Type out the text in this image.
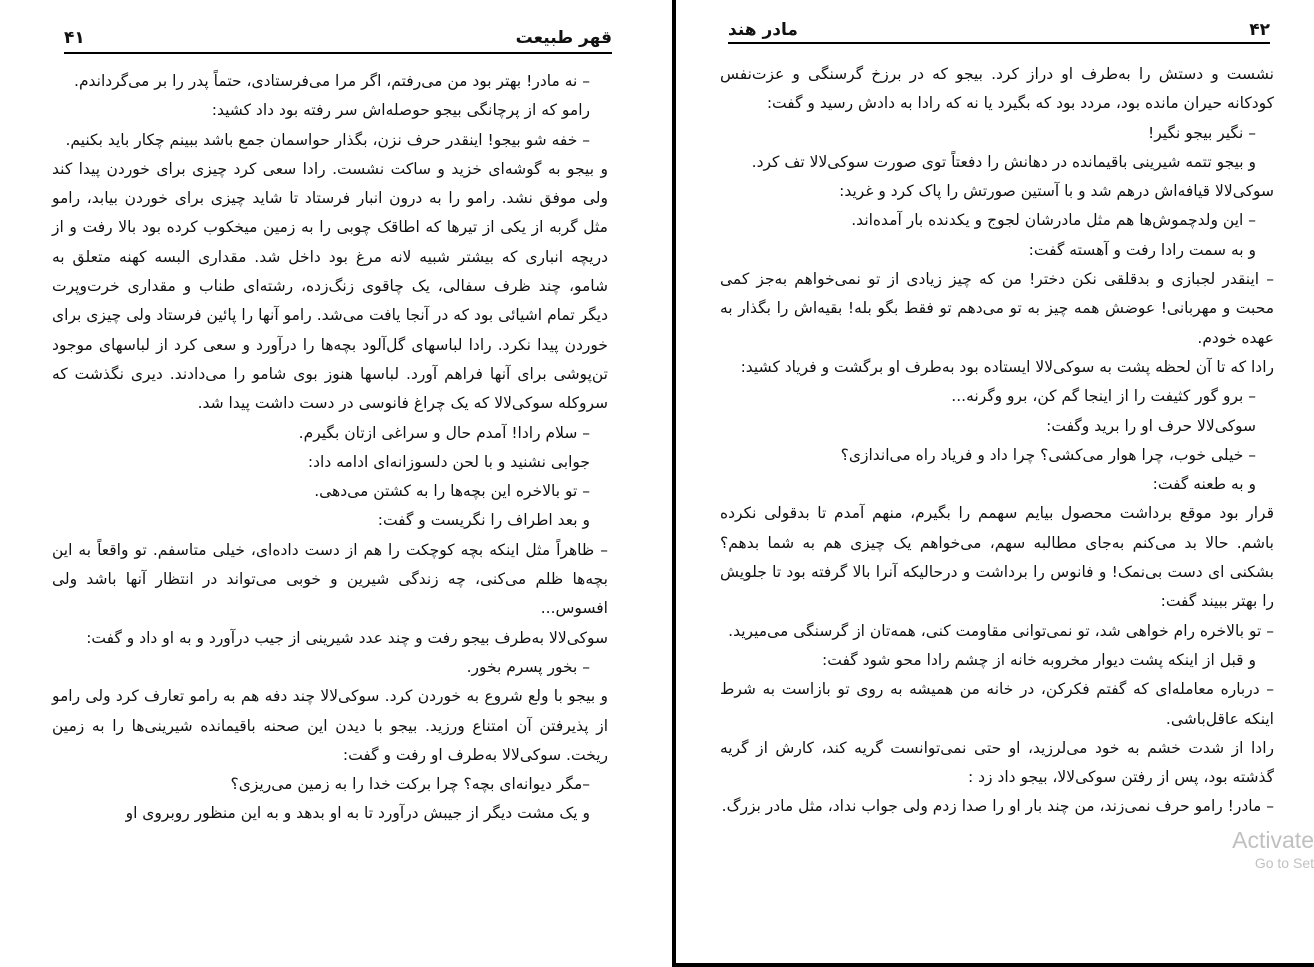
قهر طبیعت
۴۱

– نه مادر! بهتر بود من می‌رفتم، اگر مرا می‌فرستادی، حتماً پدر را بر می‌گرداندم.

رامو که از پرچانگی بیجو حوصله‌اش سر رفته بود داد کشید:

– خفه شو بیجو! اینقدر حرف نزن، بگذار حواسمان جمع باشد ببینم چکار باید بکنیم.

و بیجو به گوشه‌ای خزید و ساکت نشست. رادا سعی کرد چیزی برای خوردن پیدا کند ولی موفق نشد. رامو را به درون انبار فرستاد تا شاید چیزی برای خوردن بیابد، رامو مثل گربه از یکی از تیرها که اطاقک چوبی را به زمین میخکوب کرده بود بالا رفت و از دریچه انباری که بیشتر شبیه لانه مرغ بود داخل شد. مقداری البسه کهنه متعلق به شامو، چند ظرف سفالی، یک چاقوی زنگ‌زده، رشته‌ای طناب و مقداری خرت‌وپرت دیگر تمام اشیائی بود که در آنجا یافت می‌شد. رامو آنها را پائین فرستاد ولی چیزی برای خوردن پیدا نکرد. رادا لباسهای گل‌آلود بچه‌ها را درآورد و سعی کرد از لباسهای موجود تن‌پوشی برای آنها فراهم آورد. لباسها هنوز بوی شامو را می‌دادند. دیری نگذشت که سروکله سوکی‌لالا که یک چراغ فانوسی در دست داشت پیدا شد.

– سلام رادا! آمدم حال و سراغی ازتان بگیرم.

جوابی نشنید و با لحن دلسوزانه‌ای ادامه داد:

– تو بالاخره این بچه‌ها را به کشتن می‌دهی.

و بعد اطراف را نگریست و گفت:

– ظاهراً مثل اینکه بچه کوچکت را هم از دست داده‌ای، خیلی متاسفم. تو واقعاً به این بچه‌ها ظلم می‌کنی، چه زندگی شیرین و خوبی می‌تواند در انتظار آنها باشد ولی افسوس...

سوکی‌لالا به‌طرف بیجو رفت و چند عدد شیرینی از جیب درآورد و به او داد و گفت:

– بخور پسرم بخور.

و بیجو با ولع شروع به خوردن کرد. سوکی‌لالا چند دفه هم به رامو تعارف کرد ولی رامو از پذیرفتن آن امتناع ورزید. بیجو با دیدن این صحنه باقیمانده شیرینی‌ها را به زمین ریخت. سوکی‌لالا به‌طرف او رفت و گفت:

–مگر دیوانه‌ای بچه؟ چرا برکت خدا را به زمین می‌ریزی؟

و یک مشت دیگر از جیبش درآورد تا به او بدهد و به این منظور روبروی او

۴۲
مادر هند

نشست و دستش را به‌طرف او دراز کرد. بیجو که در برزخ گرسنگی و عزت‌نفس کودکانه حیران مانده بود، مردد بود که بگیرد یا نه که رادا به دادش رسید و گفت:

– نگیر بیجو نگیر!

و بیجو تتمه شیرینی باقیمانده در دهانش را دفعتاً توی صورت سوکی‌لالا تف کرد.

سوکی‌لالا قیافه‌اش درهم شد و با آستین صورتش را پاک کرد و غرید:

– این ولدچموش‌ها هم مثل مادرشان لجوج و یکدنده بار آمده‌اند.

و به سمت رادا رفت و آهسته گفت:

– اینقدر لجبازی و بدقلقی نکن دختر! من که چیز زیادی از تو نمی‌خواهم به‌جز کمی محبت و مهربانی! عوضش همه چیز به تو می‌دهم تو فقط بگو بله! بقیه‌اش را بگذار به عهده خودم.

رادا که تا آن لحظه پشت به سوکی‌لالا ایستاده بود به‌طرف او برگشت و فریاد کشید:

– برو گور کثیفت را از اینجا گم کن، برو وگرنه...

سوکی‌لالا حرف او را برید وگفت:

– خیلی خوب، چرا هوار می‌کشی؟ چرا داد و فریاد راه می‌اندازی؟

و به طعنه گفت:

قرار بود موقع برداشت محصول بیایم سهمم را بگیرم، منهم آمدم تا بدقولی نکرده باشم. حالا بد می‌کنم به‌جای مطالبه سهم، می‌خواهم یک چیزی هم به شما بدهم؟ بشکنی ای دست بی‌نمک! و فانوس را برداشت و درحالیکه آنرا بالا گرفته بود تا جلویش را بهتر ببیند گفت:

– تو بالاخره رام خواهی شد، تو نمی‌توانی مقاومت کنی، همه‌تان از گرسنگی می‌میرید.

و قبل از اینکه پشت دیوار مخروبه خانه از چشم رادا محو شود گفت:

– درباره معامله‌ای که گفتم فکرکن، در خانه من همیشه به روی تو بازاست به شرط اینکه عاقل‌باشی.

رادا از شدت خشم به خود می‌لرزید، او حتی نمی‌توانست گریه کند، کارش از گریه گذشته بود، پس از رفتن سوکی‌لالا، بیجو داد زد :

– مادر! رامو حرف نمی‌زند، من چند بار او را صدا زدم ولی جواب نداد، مثل مادر بزرگ.

Activate
Go to Set
